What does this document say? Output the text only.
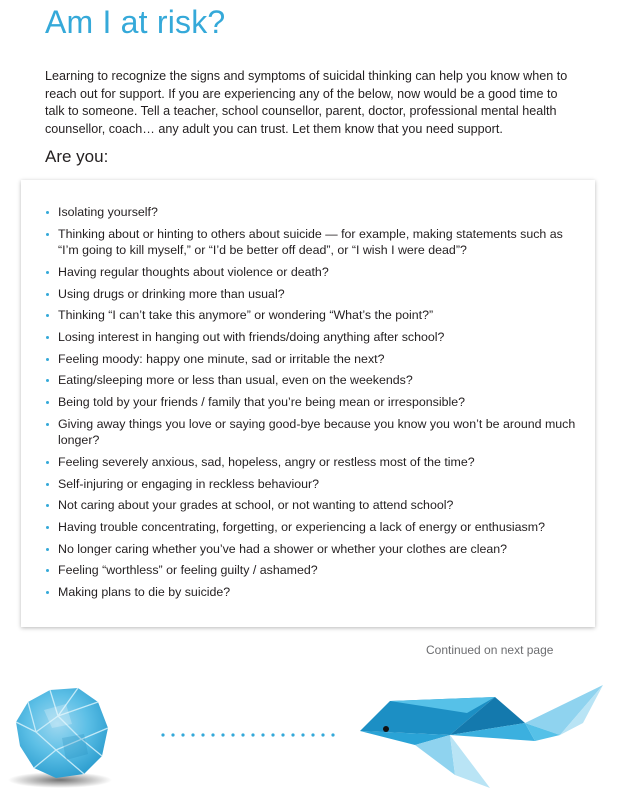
Am I at risk?

Learning to recognize the signs and symptoms of suicidal thinking can help you know when to reach out for support. If you are experiencing any of the below, now would be a good time to talk to someone. Tell a teacher, school counsellor, parent, doctor, professional mental health counsellor, coach… any adult you can trust. Let them know that you need support.

Are you:
Isolating yourself?
Thinking about or hinting to others about suicide — for example, making statements such as “I’m going to kill myself,” or “I’d be better off dead”, or “I wish I were dead”?
Having regular thoughts about violence or death?
Using drugs or drinking more than usual?
Thinking “I can’t take this anymore” or wondering “What’s the point?”
Losing interest in hanging out with friends/doing anything after school?
Feeling moody: happy one minute, sad or irritable the next?
Eating/sleeping more or less than usual, even on the weekends?
Being told by your friends / family that you’re being mean or irresponsible?
Giving away things you love or saying good-bye because you know you won’t be around much longer?
Feeling severely anxious, sad, hopeless, angry or restless most of the time?
Self-injuring or engaging in reckless behaviour?
Not caring about your grades at school, or not wanting to attend school?
Having trouble concentrating, forgetting, or experiencing a lack of energy or enthusiasm?
No longer caring whether you’ve had a shower or whether your clothes are clean?
Feeling “worthless” or feeling guilty / ashamed?
Making plans to die by suicide?

Continued on next page
